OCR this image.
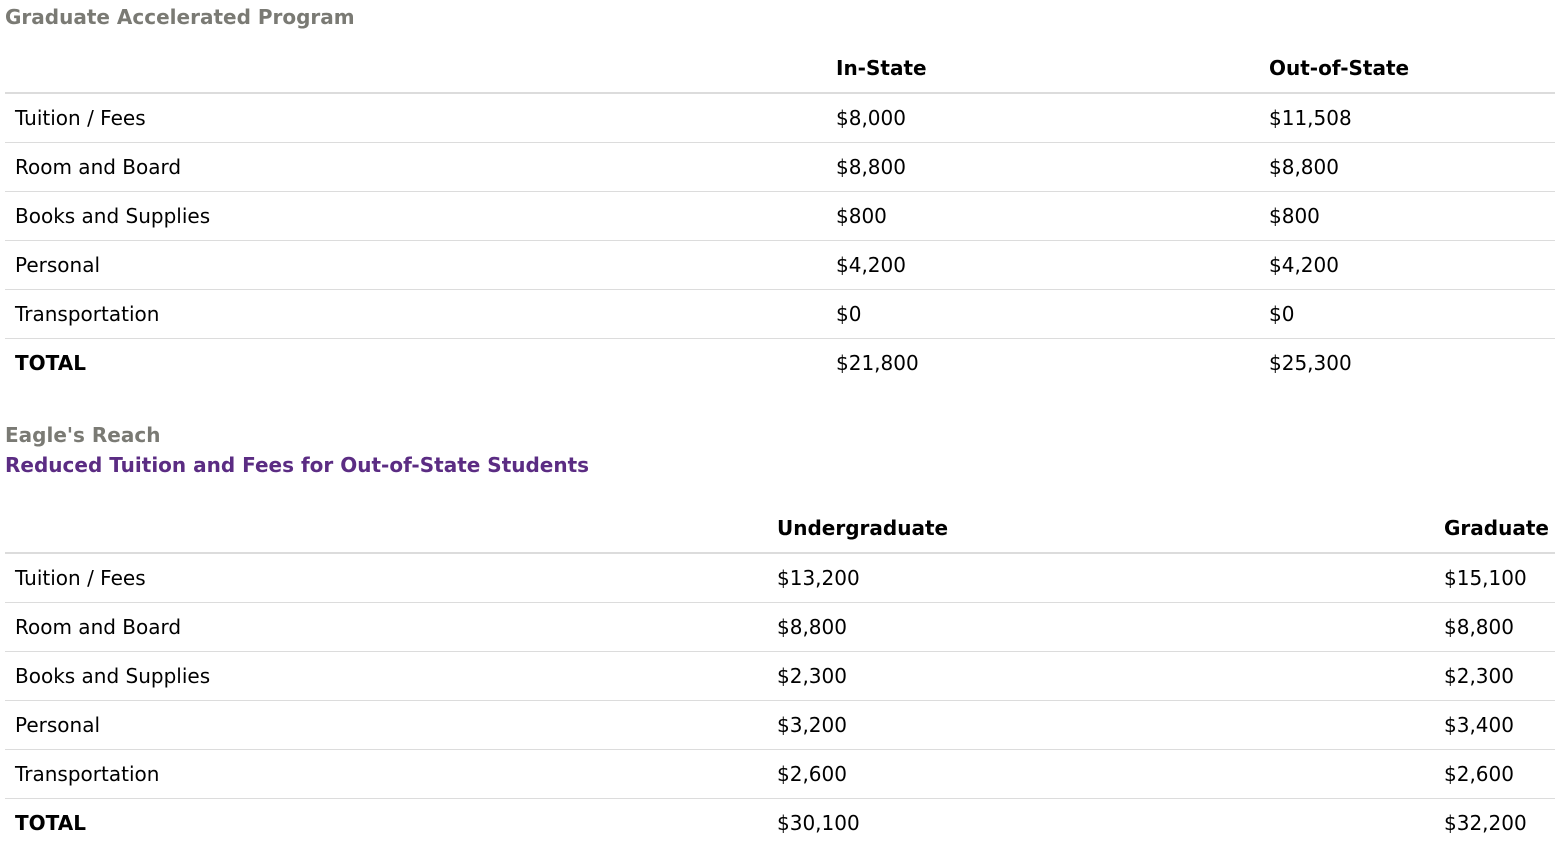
Graduate Accelerated Program
	In-State	Out-of-State
Tuition / Fees	$8,000	$11,508
Room and Board	$8,800	$8,800
Books and Supplies	$800	$800
Personal	$4,200	$4,200
Transportation	$0	$0
TOTAL	$21,800	$25,300
Eagle's Reach
Reduced Tuition and Fees for Out-of-State Students
	Undergraduate	Graduate
Tuition / Fees	$13,200	$15,100
Room and Board	$8,800	$8,800
Books and Supplies	$2,300	$2,300
Personal	$3,200	$3,400
Transportation	$2,600	$2,600
TOTAL	$30,100	$32,200
